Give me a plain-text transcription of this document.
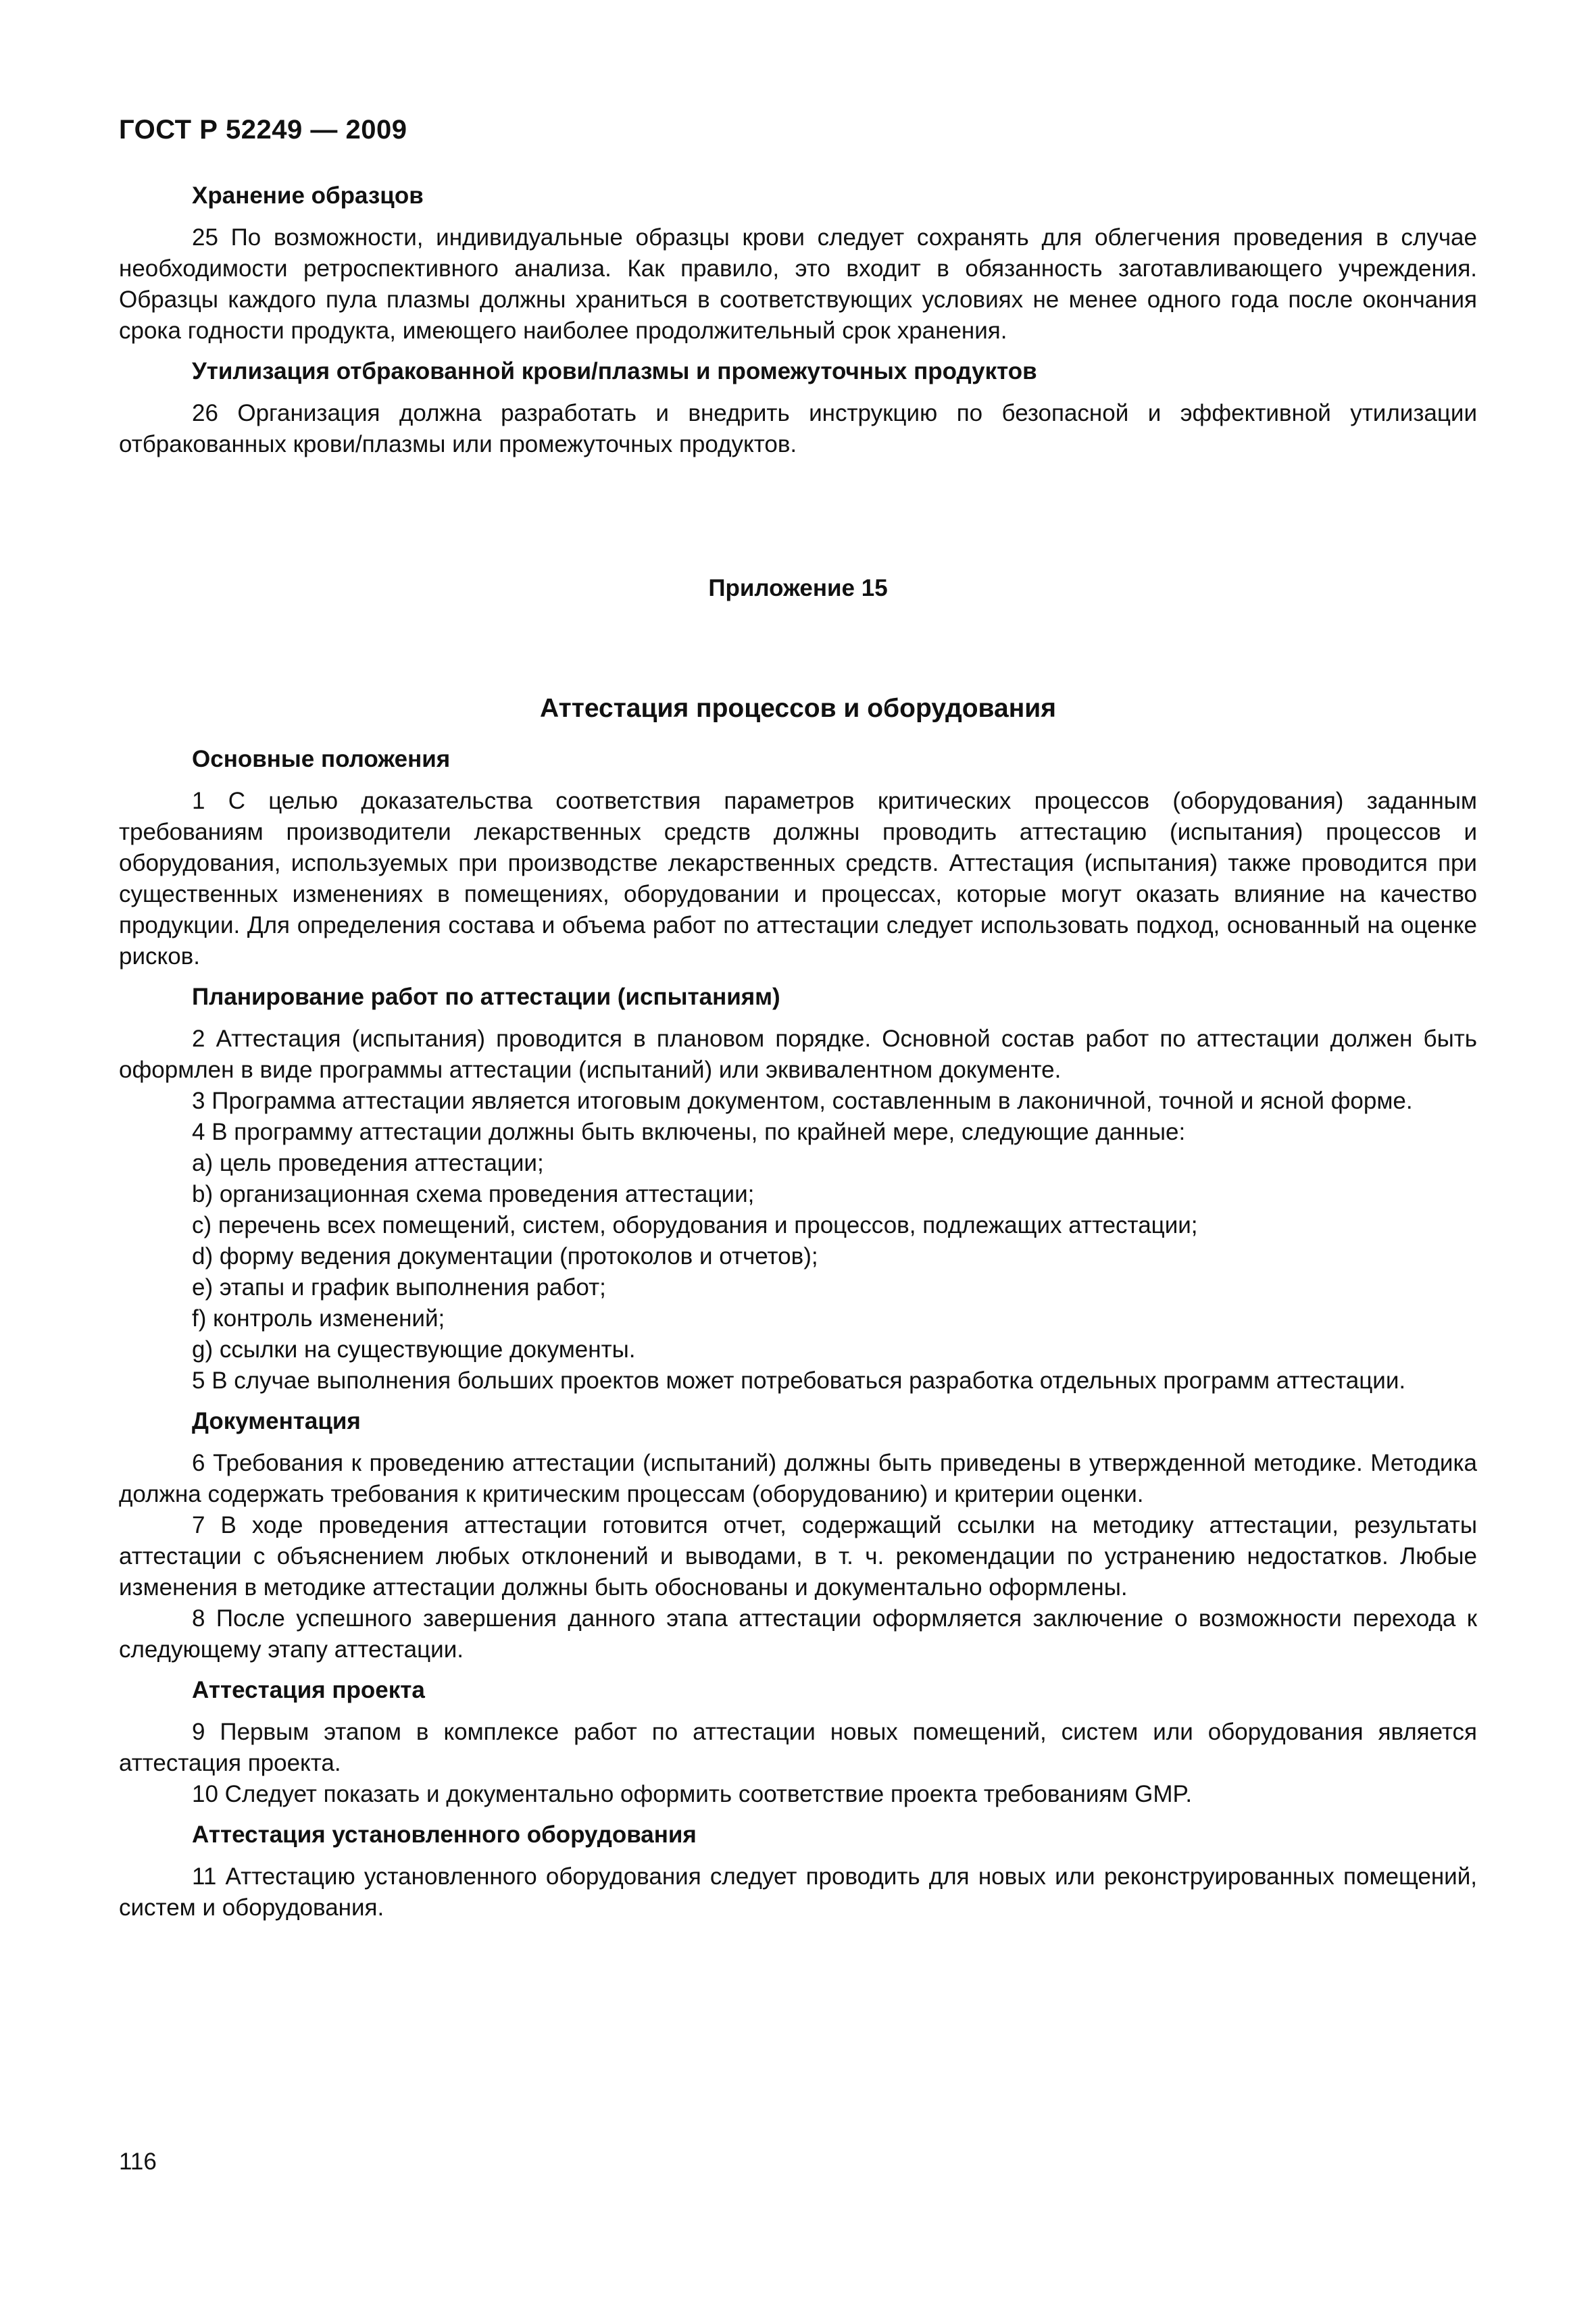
ГОСТ Р 52249 — 2009
Хранение образцов

25 По возможности, индивидуальные образцы крови следует сохранять для облегчения проведения в случае необходимости ретроспективного анализа. Как правило, это входит в обязанность заготавливающего учреждения. Образцы каждого пула плазмы должны храниться в соответствующих условиях не менее одного года после окончания срока годности продукта, имеющего наиболее продолжительный срок хранения.

Утилизация отбракованной крови/плазмы и промежуточных продуктов

26 Организация должна разработать и внедрить инструкцию по безопасной и эффективной утилизации отбракованных крови/плазмы или промежуточных продуктов.

Приложение 15
Аттестация процессов и оборудования
Основные положения

1 С целью доказательства соответствия параметров критических процессов (оборудования) заданным требованиям производители лекарственных средств должны проводить аттестацию (испытания) процессов и оборудования, используемых при производстве лекарственных средств. Аттестация (испытания) также проводится при существенных изменениях в помещениях, оборудовании и процессах, которые могут оказать влияние на качество продукции. Для определения состава и объема работ по аттестации следует использовать подход, основанный на оценке рисков.

Планирование работ по аттестации (испытаниям)

2 Аттестация (испытания) проводится в плановом порядке. Основной состав работ по аттестации должен быть оформлен в виде программы аттестации (испытаний) или эквивалентном документе.

3 Программа аттестации является итоговым документом, составленным в лаконичной, точной и ясной форме.

4 В программу аттестации должны быть включены, по крайней мере, следующие данные:

a) цель проведения аттестации;

b) организационная схема проведения аттестации;

c) перечень всех помещений, систем, оборудования и процессов, подлежащих аттестации;

d) форму ведения документации (протоколов и отчетов);

e) этапы и график выполнения работ;

f) контроль изменений;

g) ссылки на существующие документы.

5 В случае выполнения больших проектов может потребоваться разработка отдельных программ аттестации.

Документация

6 Требования к проведению аттестации (испытаний) должны быть приведены в утвержденной методике. Методика должна содержать требования к критическим процессам (оборудованию) и критерии оценки.

7 В ходе проведения аттестации готовится отчет, содержащий ссылки на методику аттестации, результаты аттестации с объяснением любых отклонений и выводами, в т. ч. рекомендации по устранению недостатков. Любые изменения в методике аттестации должны быть обоснованы и документально оформлены.

8 После успешного завершения данного этапа аттестации оформляется заключение о возможности перехода к следующему этапу аттестации.

Аттестация проекта

9 Первым этапом в комплексе работ по аттестации новых помещений, систем или оборудования является аттестация проекта.

10 Следует показать и документально оформить соответствие проекта требованиям GMP.

Аттестация установленного оборудования

11 Аттестацию установленного оборудования следует проводить для новых или реконструированных помещений, систем и оборудования.

116
